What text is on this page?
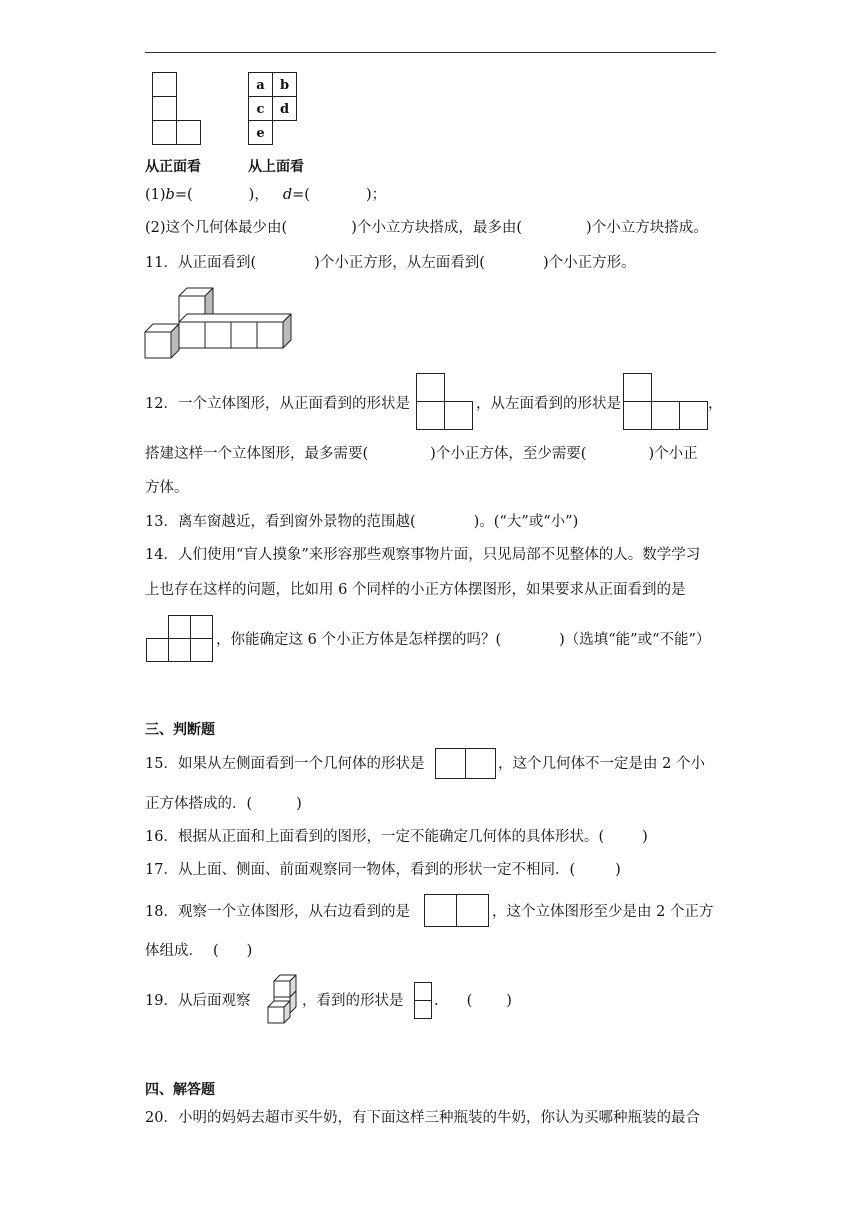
a b
c d
e
从正面看	从上面看
(1)b=(	)， d=(	)；
(2)这个几何体最少由(	)个小立方块搭成，最多由(	)个小立方块搭成。
11．从正面看到(	)个小正方形，从左面看到(	)个小正方形。
12．一个立体图形，从正面看到的形状是	，从左面看到的形状是	，
搭建这样一个立体图形，最多需要(	)个小正方体，至少需要(	)个小正
方体。
13．离车窗越近，看到窗外景物的范围越(	)。(“大”或“小”)
14．人们使用“盲人摸象”来形容那些观察事物片面，只见局部不见整体的人。数学学习
上也存在这样的问题，比如用 6 个同样的小正方体摆图形，如果要求从正面看到的是
，你能确定这 6 个小正方体是怎样摆的吗？(	)（选填“能”或“不能”）
三、判断题
15．如果从左侧面看到一个几何体的形状是	，这个几何体不一定是由 2 个小
正方体搭成的．(	)
16．根据从正面和上面看到的图形，一定不能确定几何体的具体形状。(	)
17．从上面、侧面、前面观察同一物体，看到的形状一定不相同．(	)
18．观察一个立体图形，从右边看到的是	，这个立体图形至少是由 2 个正方
体组成． ( )
19．从后面观察	，看到的形状是 . ( )
四、解答题
20．小明的妈妈去超市买牛奶，有下面这样三种瓶装的牛奶，你认为买哪种瓶装的最合
